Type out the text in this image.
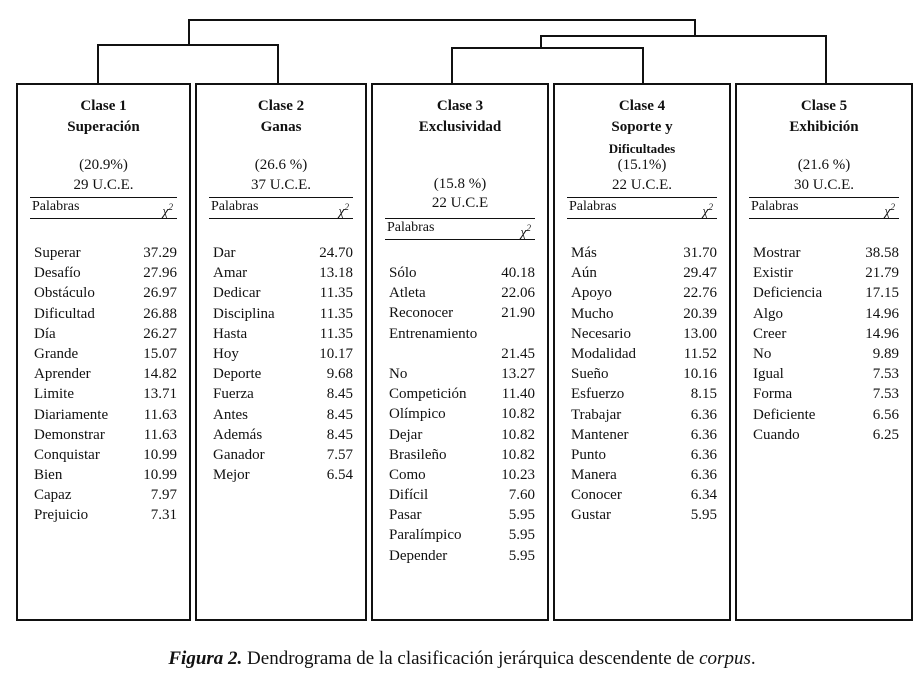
Clase 1
Superación
(20.9%)
29 U.C.E.
Palabras	$\chi^2$
Superar	37.29
Desafío	27.96
Obstáculo	26.97
Dificultad	26.88
Día	26.27
Grande	15.07
Aprender	14.82
Limite	13.71
Diariamente 11.63
Demonstrar	11.63
Conquistar	10.99
Bien	10.99
Capaz	7.97
Prejuicio	7.31
Clase 2
Ganas
(26.6 %)
37 U.C.E.
Palabras	$\chi^2$
Dar	24.70
Amar	13.18
Dedicar	11.35
Disciplina	11.35
Hasta	11.35
Hoy	10.17
Deporte	9.68
Fuerza	8.45
Antes	8.45
Además	8.45
Ganador	7.57
Mejor	6.54
Clase 3
Exclusividad
(15.8 %)
22 U.C.E
Palabras	$\chi^2$
Sólo	40.18
Atleta	22.06
Reconocer	21.90
Entrenamiento
21.45
No	13.27
Competición 11.40
Olímpico	10.82
Dejar	10.82
Brasileño	10.82
Como	10.23
Difícil	7.60
Pasar	5.95
Paralímpico	5.95
Depender	5.95
Clase 4
Soporte y
Dificultades
(15.1%)
22 U.C.E.
Palabras	$\chi^2$
Más	31.70
Aún	29.47
Apoyo	22.76
Mucho	20.39
Necesario	13.00
Modalidad	11.52
Sueño	10.16
Esfuerzo	8.15
Trabajar	6.36
Mantener	6.36
Punto	6.36
Manera	6.36
Conocer	6.34
Gustar	5.95
Clase 5
Exhibición
(21.6 %)
30 U.C.E.
Palabras	$\chi^2$
Mostrar	38.58
Existir	21.79
Deficiencia	17.15
Algo	14.96
Creer	14.96
No	9.89
Igual	7.53
Forma	7.53
Deficiente	6.56
Cuando	6.25
Figura 2. Dendrograma de la clasificación jerárquica descendente de corpus.
